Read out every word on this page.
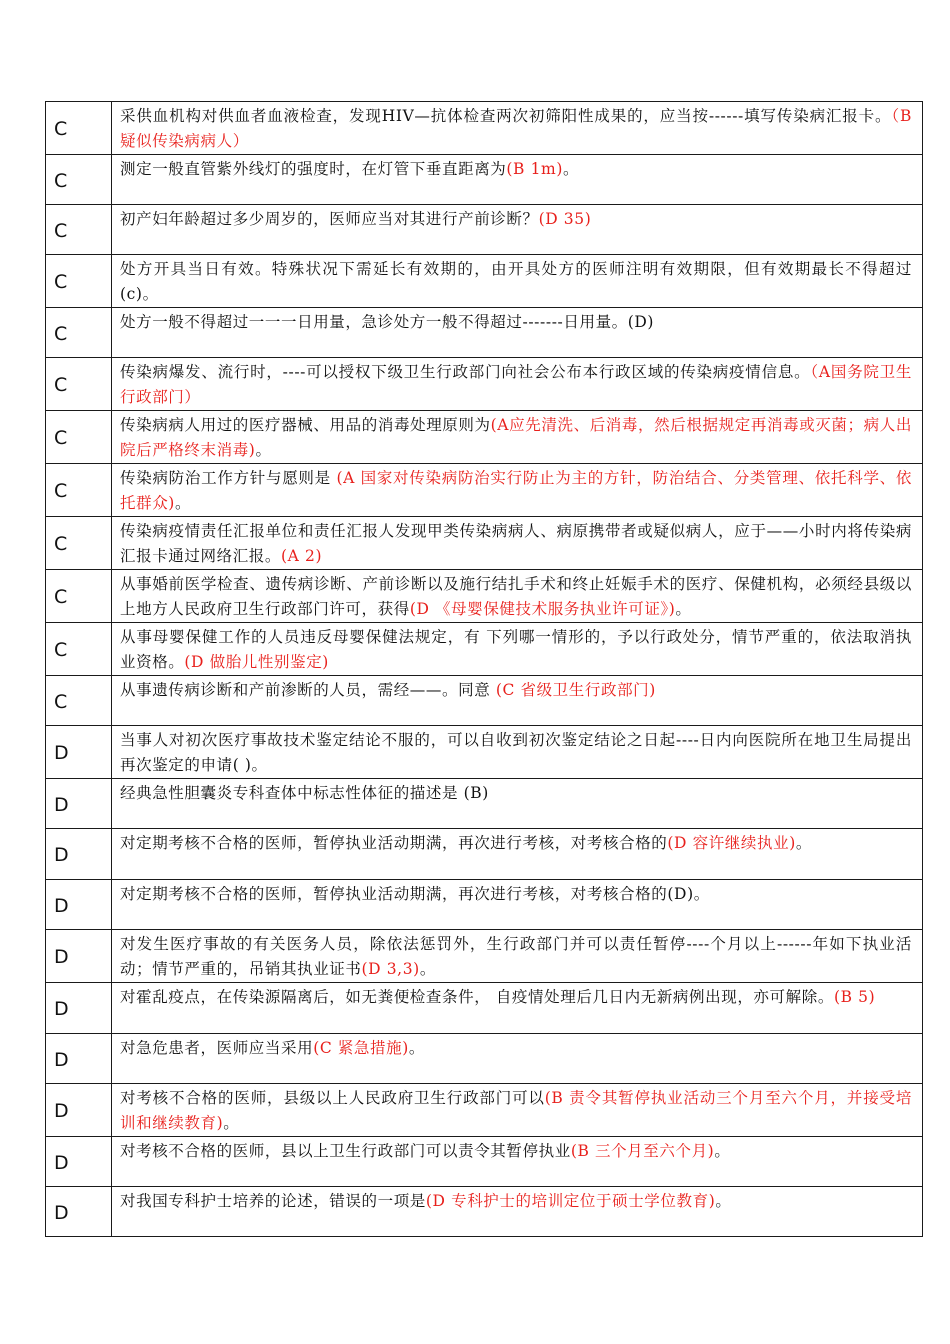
C	采供血机构对供血者血液检查，发现HIV—抗体检查两次初筛阳性成果的，应当按------填写传染病汇报卡。（B 疑似传染病病人）

C	测定一般直管紫外线灯的强度时，在灯管下垂直距离为(B 1m)。

C	初产妇年龄超过多少周岁的，医师应当对其进行产前诊断？(D 35)

C	处方开具当日有效。特殊状况下需延长有效期的，由开具处方的医师注明有效期限，但有效期最长不得超过(c)。

C	处方一般不得超过一一一日用量，急诊处方一般不得超过-------日用量。(D)

C	传染病爆发、流行时，----可以授权下级卫生行政部门向社会公布本行政区域的传染病疫情信息。（A国务院卫生行政部门）

C	传染病病人用过的医疗器械、用品的消毒处理原则为(A应先清洗、后消毒，然后根据规定再消毒或灭菌；病人出院后严格终末消毒)。

C	传染病防治工作方针与愿则是 (A 国家对传染病防治实行防止为主的方针，防治结合、分类管理、依托科学、依托群众)。

C	传染病疫情责任汇报单位和责任汇报人发现甲类传染病病人、病原携带者或疑似病人，应于——小时内将传染病汇报卡通过网络汇报。(A 2)

C	从事婚前医学检查、遗传病诊断、产前诊断以及施行结扎手术和终止妊娠手术的医疗、保健机构，必须经县级以上地方人民政府卫生行政部门许可，获得(D 《母婴保健技术服务执业许可证》)。

C	从事母婴保健工作的人员违反母婴保健法规定，有 下列哪一情形的，予以行政处分，情节严重的，依法取消执业资格。(D 做胎儿性别鉴定)

C	从事遗传病诊断和产前渗断的人员，需经——。同意 (C 省级卫生行政部门)

D	当事人对初次医疗事故技术鉴定结论不服的，可以自收到初次鉴定结论之日起----日内向医院所在地卫生局提出再次鉴定的申请( )。

D	经典急性胆囊炎专科查体中标志性体征的描述是 (B)

D	对定期考核不合格的医师，暂停执业活动期满，再次进行考核，对考核合格的(D 容许继续执业)。

D	对定期考核不合格的医师，暂停执业活动期满，再次进行考核，对考核合格的(D)。

D	对发生医疗事故的有关医务人员，除依法惩罚外，生行政部门并可以责任暂停----个月以上------年如下执业活动；情节严重的，吊销其执业证书(D 3,3)。

D	对霍乱疫点，在传染源隔离后，如无粪便检查条件， 自疫情处理后几日内无新病例出现，亦可解除。(B 5)

D	对急危患者，医师应当采用(C 紧急措施)。

D	对考核不合格的医师，县级以上人民政府卫生行政部门可以(B 责令其暂停执业活动三个月至六个月，并接受培训和继续教育)。

D	对考核不合格的医师，县以上卫生行政部门可以责令其暂停执业(B 三个月至六个月)。

D	对我国专科护士培养的论述，错误的一项是(D 专科护士的培训定位于硕士学位教育)。
